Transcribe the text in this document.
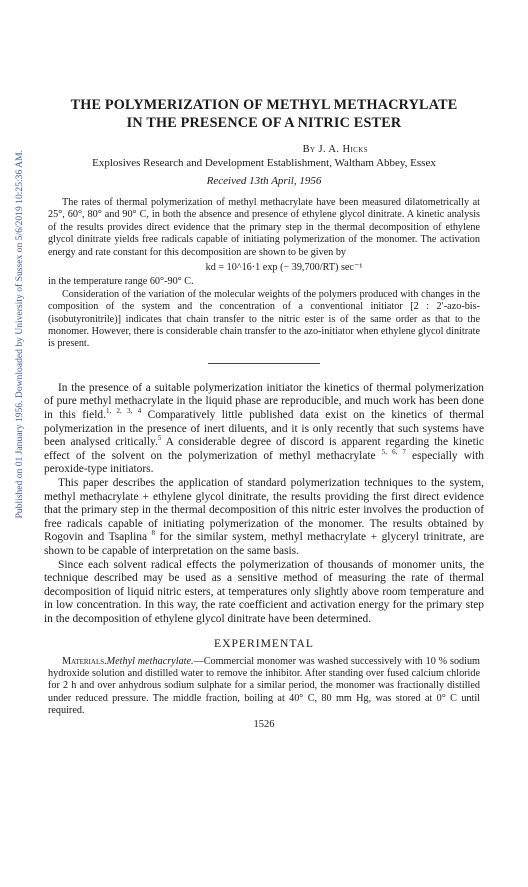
Published on 01 January 1956. Downloaded by University of Sussex on 5/6/2019 10:25:36 AM.
THE POLYMERIZATION OF METHYL METHACRYLATE
IN THE PRESENCE OF A NITRIC ESTER
By J. A. Hicks
Explosives Research and Development Establishment, Waltham Abbey, Essex
Received 13th April, 1956

The rates of thermal polymerization of methyl methacrylate have been measured dilatometrically at 25°, 60°, 80° and 90° C, in both the absence and presence of ethylene glycol dinitrate. A kinetic analysis of the results provides direct evidence that the primary step in the thermal decomposition of ethylene glycol dinitrate yields free radicals capable of initiating polymerization of the monomer. The activation energy and rate constant for this decomposition are shown to be given by

kd = 10^16·1 exp (− 39,700/RT) sec⁻¹

in the temperature range 60°-90° C.

Consideration of the variation of the molecular weights of the polymers produced with changes in the composition of the system and the concentration of a conventional initiator [2 : 2′-azo-bis-(isobutyronitrile)] indicates that chain transfer to the nitric ester is of the same order as that to the monomer. However, there is considerable chain transfer to the azo-initiator when ethylene glycol dinitrate is present.

In the presence of a suitable polymerization initiator the kinetics of thermal polymerization of pure methyl methacrylate in the liquid phase are reproducible, and much work has been done in this field.$^{1, 2, 3, 4}$ Comparatively little published data exist on the kinetics of thermal polymerization in the presence of inert diluents, and it is only recently that such systems have been analysed critically.$^5$ A considerable degree of discord is apparent regarding the kinetic effect of the solvent on the polymerization of methyl methacrylate $^{5, 6, 7}$ especially with peroxide-type initiators.

This paper describes the application of standard polymerization techniques to the system, methyl methacrylate + ethylene glycol dinitrate, the results providing the first direct evidence that the primary step in the thermal decomposition of this nitric ester involves the production of free radicals capable of initiating polymerization of the monomer. The results obtained by Rogovin and Tsaplina $^8$ for the similar system, methyl methacrylate + glyceryl trinitrate, are shown to be capable of interpretation on the same basis.

Since each solvent radical effects the polymerization of thousands of monomer units, the technique described may be used as a sensitive method of measuring the rate of thermal decomposition of liquid nitric esters, at temperatures only slightly above room temperature and in low concentration. In this way, the rate coefficient and activation energy for the primary step in the decomposition of ethylene glycol dinitrate have been determined.

EXPERIMENTAL

Materials.Methyl methacrylate.—Commercial monomer was washed successively with 10 % sodium hydroxide solution and distilled water to remove the inhibitor. After standing over fused calcium chloride for 2 h and over anhydrous sodium sulphate for a similar period, the monomer was fractionally distilled under reduced pressure. The middle fraction, boiling at 40° C, 80 mm Hg, was stored at 0° C until required.

1526
